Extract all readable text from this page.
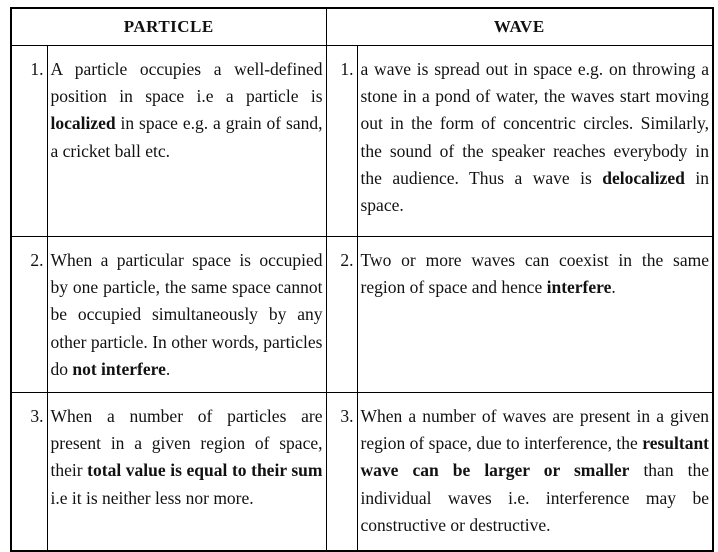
PARTICLE		WAVE	
1.	A particle occupies a well-defined position in space i.e a particle is localized in space e.g. a grain of sand, a cricket ball etc.	1.	a wave is spread out in space e.g. on throwing a stone in a pond of water, the waves start moving out in the form of concentric circles. Similarly, the sound of the speaker reaches everybody in the audience. Thus a wave is delocalized in space.
2.	When a particular space is occupied by one particle, the same space cannot be occupied simultaneously by any other particle. In other words, particles do not interfere.	2.	Two or more waves can coexist in the same region of space and hence interfere.
3.	When a number of particles are present in a given region of space, their total value is equal to their sum i.e it is neither less nor more.	3.	When a number of waves are present in a given region of space, due to interference, the resultant wave can be larger or smaller than the individual waves i.e. interference may be constructive or destructive.
